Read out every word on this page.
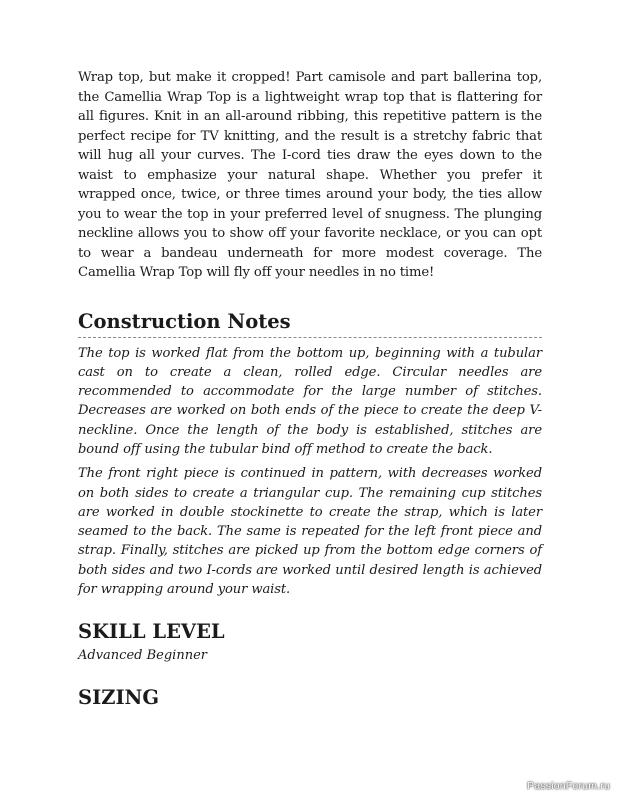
Wrap top, but make it cropped! Part camisole and part ballerina top, the Camellia Wrap Top is a lightweight wrap top that is flattering for all figures. Knit in an all-around ribbing, this repetitive pattern is the perfect recipe for TV knitting, and the result is a stretchy fabric that will hug all your curves. The I-cord ties draw the eyes down to the waist to emphasize your natural shape. Whether you prefer it wrapped once, twice, or three times around your body, the ties allow you to wear the top in your preferred level of snugness. The plunging neckline allows you to show off your favorite necklace, or you can opt to wear a bandeau underneath for more modest coverage. The Camellia Wrap Top will fly off your needles in no time!

Construction Notes

The top is worked flat from the bottom up, beginning with a tubular cast on to create a clean, rolled edge. Circular needles are recommended to accommodate for the large number of stitches. Decreases are worked on both ends of the piece to create the deep V-neckline. Once the length of the body is established, stitches are bound off using the tubular bind off method to create the back.

The front right piece is continued in pattern, with decreases worked on both sides to create a triangular cup. The remaining cup stitches are worked in double stockinette to create the strap, which is later seamed to the back. The same is repeated for the left front piece and strap. Finally, stitches are picked up from the bottom edge corners of both sides and two I-cords are worked until desired length is achieved for wrapping around your waist.

SKILL LEVEL

Advanced Beginner

SIZING
PassionForum.ru
